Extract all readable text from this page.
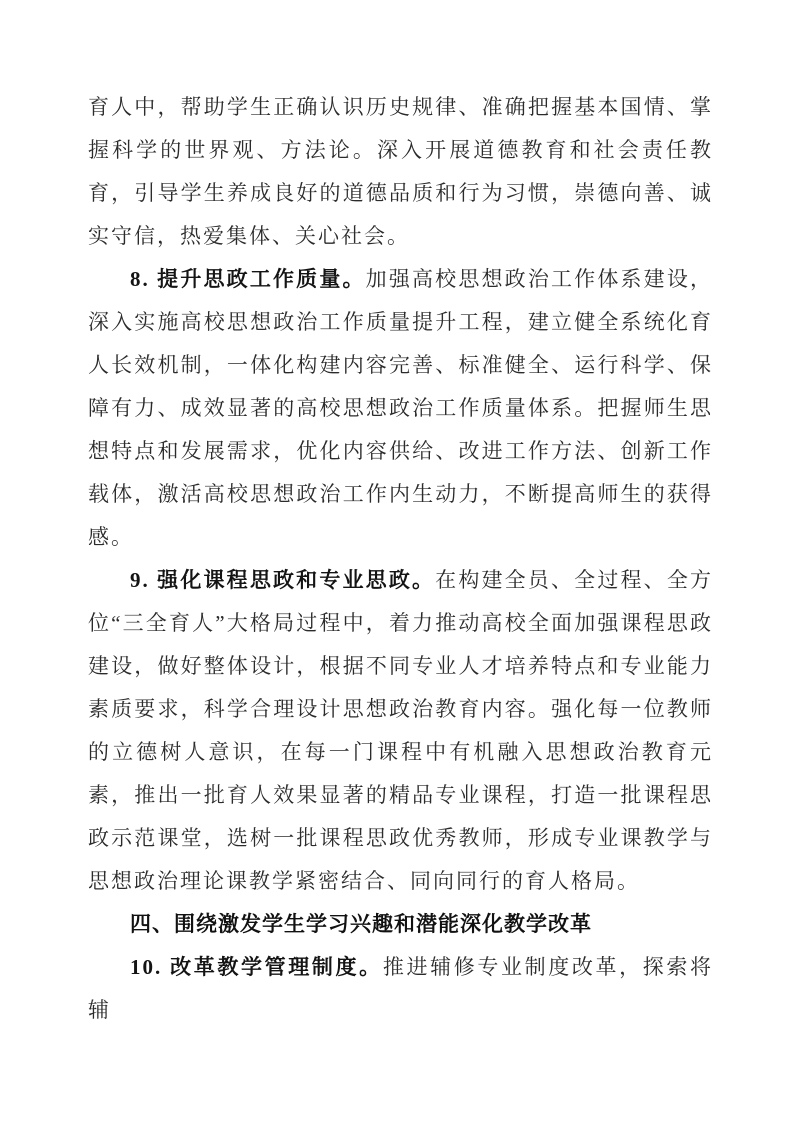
育人中，帮助学生正确认识历史规律、准确把握基本国情、掌握科学的世界观、方法论。深入开展道德教育和社会责任教育，引导学生养成良好的道德品质和行为习惯，崇德向善、诚实守信，热爱集体、关心社会。

8. 提升思政工作质量。加强高校思想政治工作体系建设，深入实施高校思想政治工作质量提升工程，建立健全系统化育人长效机制，一体化构建内容完善、标准健全、运行科学、保障有力、成效显著的高校思想政治工作质量体系。把握师生思想特点和发展需求，优化内容供给、改进工作方法、创新工作载体，激活高校思想政治工作内生动力，不断提高师生的获得感。

9. 强化课程思政和专业思政。在构建全员、全过程、全方位“三全育人”大格局过程中，着力推动高校全面加强课程思政建设，做好整体设计，根据不同专业人才培养特点和专业能力素质要求，科学合理设计思想政治教育内容。强化每一位教师的立德树人意识，在每一门课程中有机融入思想政治教育元素，推出一批育人效果显著的精品专业课程，打造一批课程思政示范课堂，选树一批课程思政优秀教师，形成专业课教学与思想政治理论课教学紧密结合、同向同行的育人格局。

四、围绕激发学生学习兴趣和潜能深化教学改革

10. 改革教学管理制度。推进辅修专业制度改革，探索将辅
